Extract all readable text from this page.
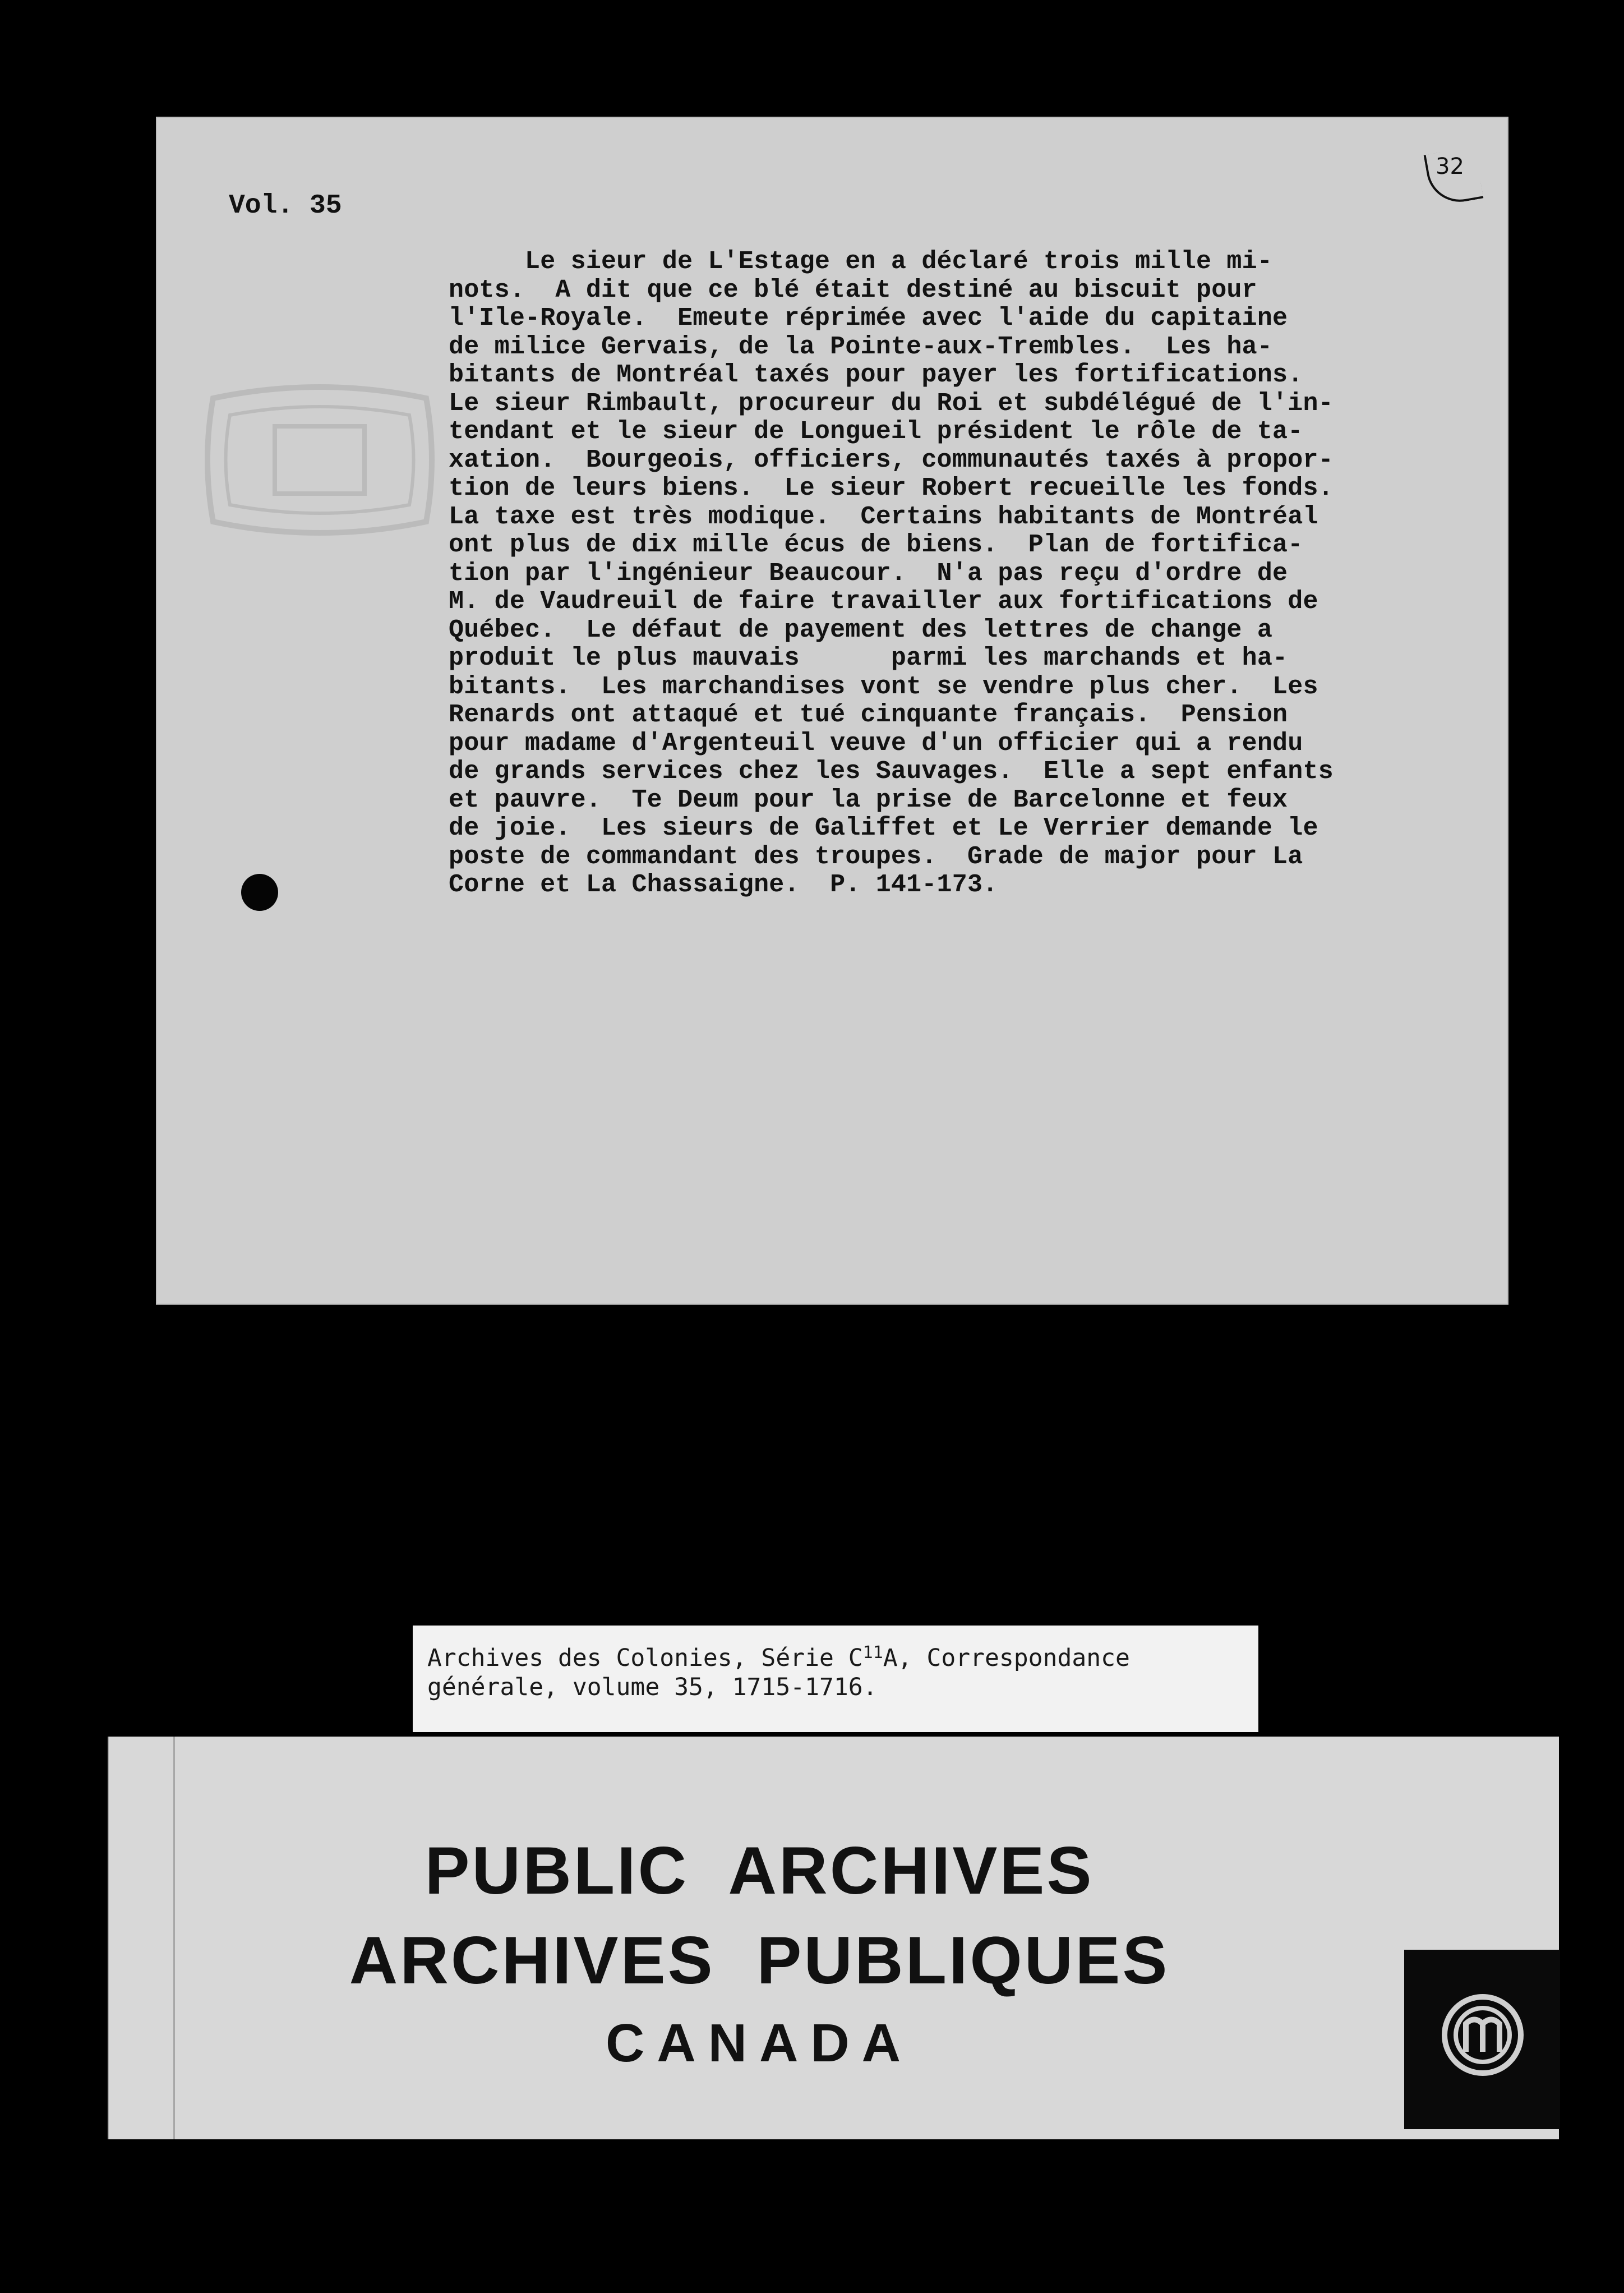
32
Vol. 35
Le sieur de L'Estage en a déclaré trois mille mi-
nots.  A dit que ce blé était destiné au biscuit pour
l'Ile-Royale.  Emeute réprimée avec l'aide du capitaine
de milice Gervais, de la Pointe-aux-Trembles.  Les ha-
bitants de Montréal taxés pour payer les fortifications.
Le sieur Rimbault, procureur du Roi et subdélégué de l'in-
tendant et le sieur de Longueil président le rôle de ta-
xation.  Bourgeois, officiers, communautés taxés à propor-
tion de leurs biens.  Le sieur Robert recueille les fonds.
La taxe est très modique.  Certains habitants de Montréal
ont plus de dix mille écus de biens.  Plan de fortifica-
tion par l'ingénieur Beaucour.  N'a pas reçu d'ordre de
M. de Vaudreuil de faire travailler aux fortifications de
Québec.  Le défaut de payement des lettres de change a
produit le plus mauvais      parmi les marchands et ha-
bitants.  Les marchandises vont se vendre plus cher.  Les
Renards ont attaqué et tué cinquante français.  Pension
pour madame d'Argenteuil veuve d'un officier qui a rendu
de grands services chez les Sauvages.  Elle a sept enfants
et pauvre.  Te Deum pour la prise de Barcelonne et feux
de joie.  Les sieurs de Galiffet et Le Verrier demande le
poste de commandant des troupes.  Grade de major pour La
Corne et La Chassaigne.  P. 141-173.
Archives des Colonies, Série $C^{11}A$, Correspondance
générale, volume 35, 1715-1716.
PUBLIC  ARCHIVES
ARCHIVES  PUBLIQUES
CANADA
